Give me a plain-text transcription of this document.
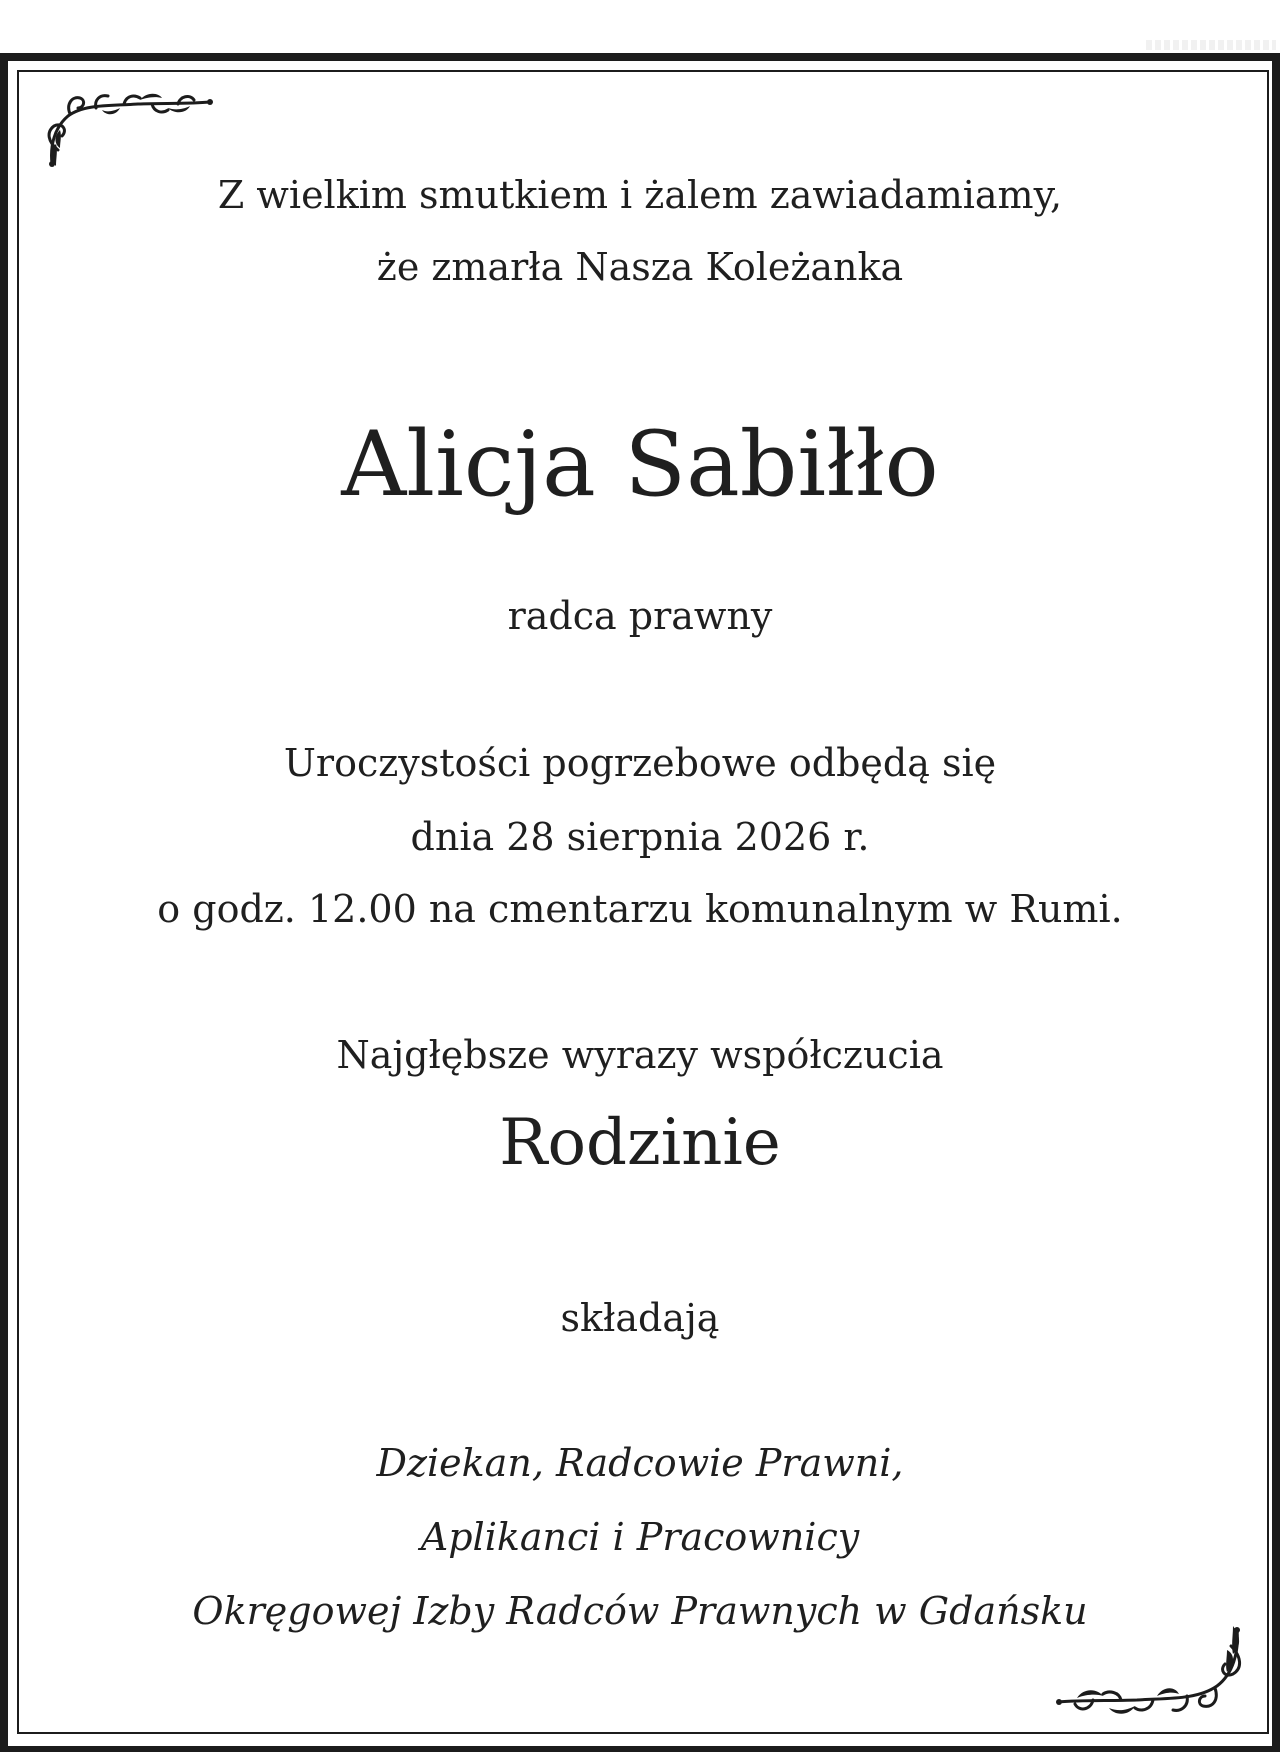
Z wielkim smutkiem i żalem zawiadamiamy,

że zmarła Nasza Koleżanka

Alicja Sabiłło

radca prawny

Uroczystości pogrzebowe odbędą się

dnia 28 sierpnia 2026 r.

o godz. 12.00 na cmentarzu komunalnym w Rumi.

Najgłębsze wyrazy współczucia

Rodzinie

składają

Dziekan, Radcowie Prawni,

Aplikanci i Pracownicy

Okręgowej Izby Radców Prawnych w Gdańsku
